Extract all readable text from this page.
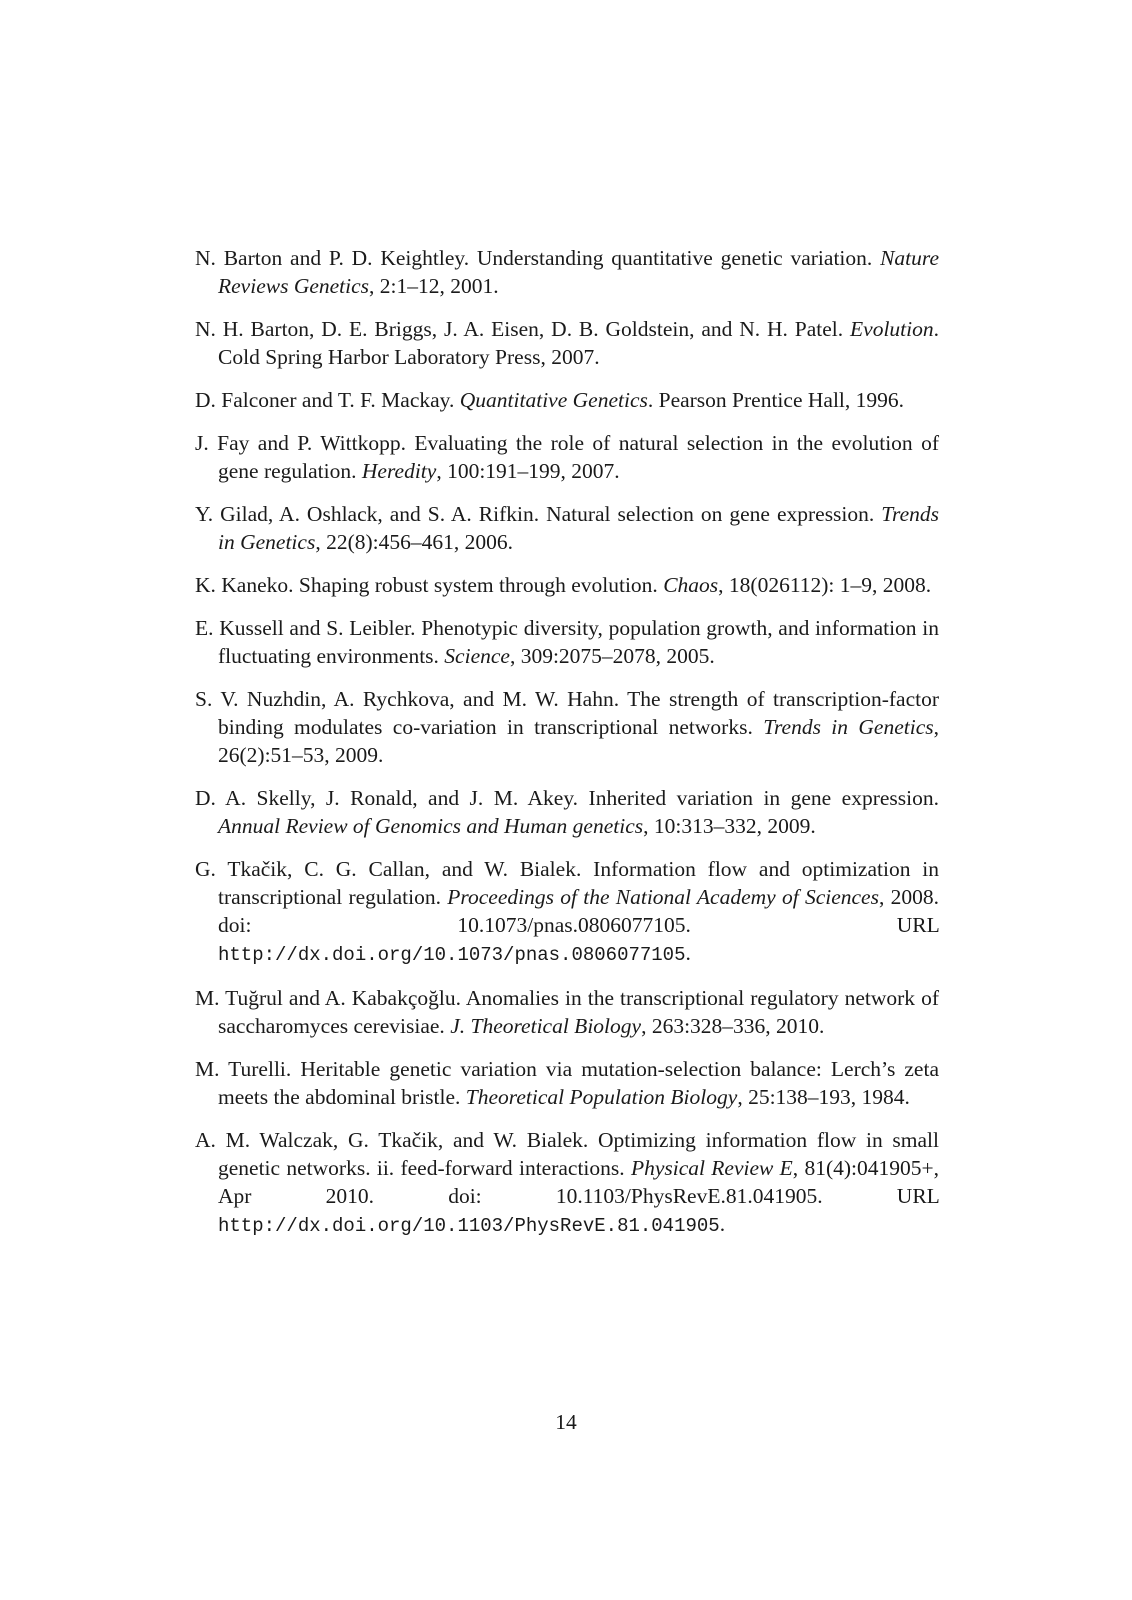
N. Barton and P. D. Keightley. Understanding quantitative genetic variation. Nature Reviews Genetics, 2:1–12, 2001.
N. H. Barton, D. E. Briggs, J. A. Eisen, D. B. Goldstein, and N. H. Patel. Evolution. Cold Spring Harbor Laboratory Press, 2007.
D. Falconer and T. F. Mackay. Quantitative Genetics. Pearson Prentice Hall, 1996.
J. Fay and P. Wittkopp. Evaluating the role of natural selection in the evolution of gene regulation. Heredity, 100:191–199, 2007.
Y. Gilad, A. Oshlack, and S. A. Rifkin. Natural selection on gene expression. Trends in Genetics, 22(8):456–461, 2006.
K. Kaneko. Shaping robust system through evolution. Chaos, 18(026112): 1–9, 2008.
E. Kussell and S. Leibler. Phenotypic diversity, population growth, and information in fluctuating environments. Science, 309:2075–2078, 2005.
S. V. Nuzhdin, A. Rychkova, and M. W. Hahn. The strength of transcription-factor binding modulates co-variation in transcriptional networks. Trends in Genetics, 26(2):51–53, 2009.
D. A. Skelly, J. Ronald, and J. M. Akey. Inherited variation in gene expression. Annual Review of Genomics and Human genetics, 10:313–332, 2009.
G. Tkačik, C. G. Callan, and W. Bialek. Information flow and optimization in transcriptional regulation. Proceedings of the National Academy of Sciences, 2008. doi: 10.1073/pnas.0806077105. URL http://dx.doi.org/10.1073/pnas.0806077105.
M. Tuğrul and A. Kabakçoğlu. Anomalies in the transcriptional regulatory network of saccharomyces cerevisiae. J. Theoretical Biology, 263:328–336, 2010.
M. Turelli. Heritable genetic variation via mutation-selection balance: Lerch’s zeta meets the abdominal bristle. Theoretical Population Biology, 25:138–193, 1984.
A. M. Walczak, G. Tkačik, and W. Bialek. Optimizing information flow in small genetic networks. ii. feed-forward interactions. Physical Review E, 81(4):041905+, Apr 2010. doi: 10.1103/PhysRevE.81.041905. URL http://dx.doi.org/10.1103/PhysRevE.81.041905.
14
